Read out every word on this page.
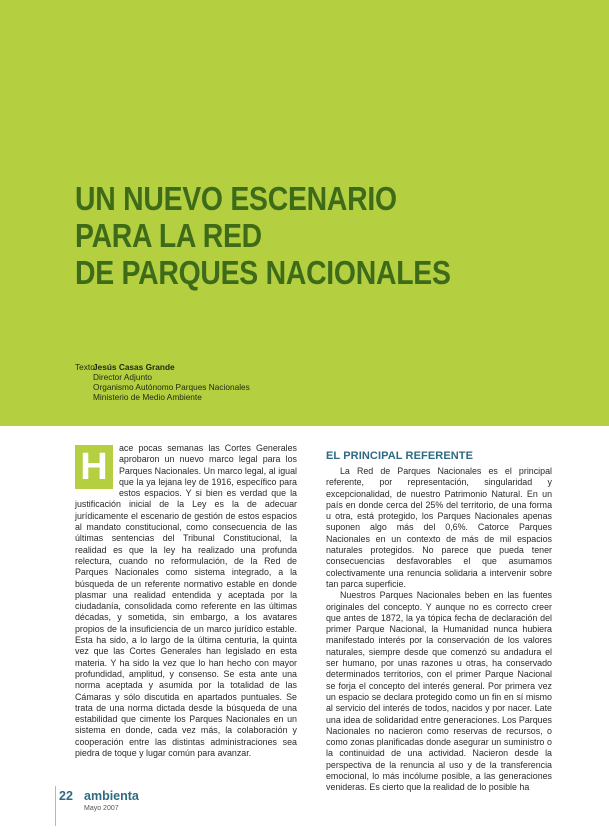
UN NUEVO ESCENARIO
PARA LA RED
DE PARQUES NACIONALES
Texto:Jesús Casas Grande
Director Adjunto
Organismo Autónomo Parques Nacionales
Ministerio de Medio Ambiente
H	ace pocas semanas las Cortes Generales aprobaron un nuevo marco legal para los Parques Nacionales. Un marco legal, al igual que la ya lejana ley de 1916, específico para estos espacios. Y si bien es verdad que la justificación inicial de la Ley es la de adecuar jurídicamente el escenario de gestión de estos espacios al mandato constitucional, como consecuencia de las últimas sentencias del Tribunal Constitucional, la realidad es que la ley ha realizado una profunda relectura, cuando no reformulación, de la Red de Parques Nacionales como sistema integrado, a la búsqueda de un referente normativo estable en donde plasmar una realidad entendida y aceptada por la ciudadanía, consolidada como referente en las últimas décadas, y sometida, sin embargo, a los avatares propios de la insuficiencia de un marco jurídico estable. Esta ha sido, a lo largo de la última centuria, la quinta vez que las Cortes Generales han legislado en esta materia. Y ha sido la vez que lo han hecho con mayor profundidad, amplitud, y consenso. Se esta ante una norma aceptada y asumida por la totalidad de las Cámaras y sólo discutida en apartados puntuales. Se trata de una norma dictada desde la búsqueda de una estabilidad que cimente los Parques Nacionales en un sistema en donde, cada vez más, la colaboración y cooperación entre las distintas administraciones sea piedra de toque y lugar común para avanzar.

EL PRINCIPAL REFERENTE

La Red de Parques Nacionales es el principal referente, por representación, singularidad y excepcionalidad, de nuestro Patrimonio Natural. En un país en donde cerca del 25% del territorio, de una forma u otra, está protegido, los Parques Nacionales apenas suponen algo más del 0,6%. Catorce Parques Nacionales en un contexto de más de mil espacios naturales protegidos. No parece que pueda tener consecuencias desfavorables el que asumamos colectivamente una renuncia solidaria a intervenir sobre tan parca superficie.

Nuestros Parques Nacionales beben en las fuentes originales del concepto. Y aunque no es correcto creer que antes de 1872, la ya tópica fecha de declaración del primer Parque Nacional, la Humanidad nunca hubiera manifestado interés por la conservación de los valores naturales, siempre desde que comenzó su andadura el ser humano, por unas razones u otras, ha conservado determinados territorios, con el primer Parque Nacional se forja el concepto del interés general. Por primera vez un espacio se declara protegido como un fin en sí mismo al servicio del interés de todos, nacidos y por nacer. Late una idea de solidaridad entre generaciones. Los Parques Nacionales no nacieron como reservas de recursos, o como zonas planificadas donde asegurar un suministro o la continuidad de una actividad. Nacieron desde la perspectiva de la renuncia al uso y de la transferencia emocional, lo más incólume posible, a las generaciones venideras. Es cierto que la realidad de lo posible ha

22 ambienta
Mayo 2007
